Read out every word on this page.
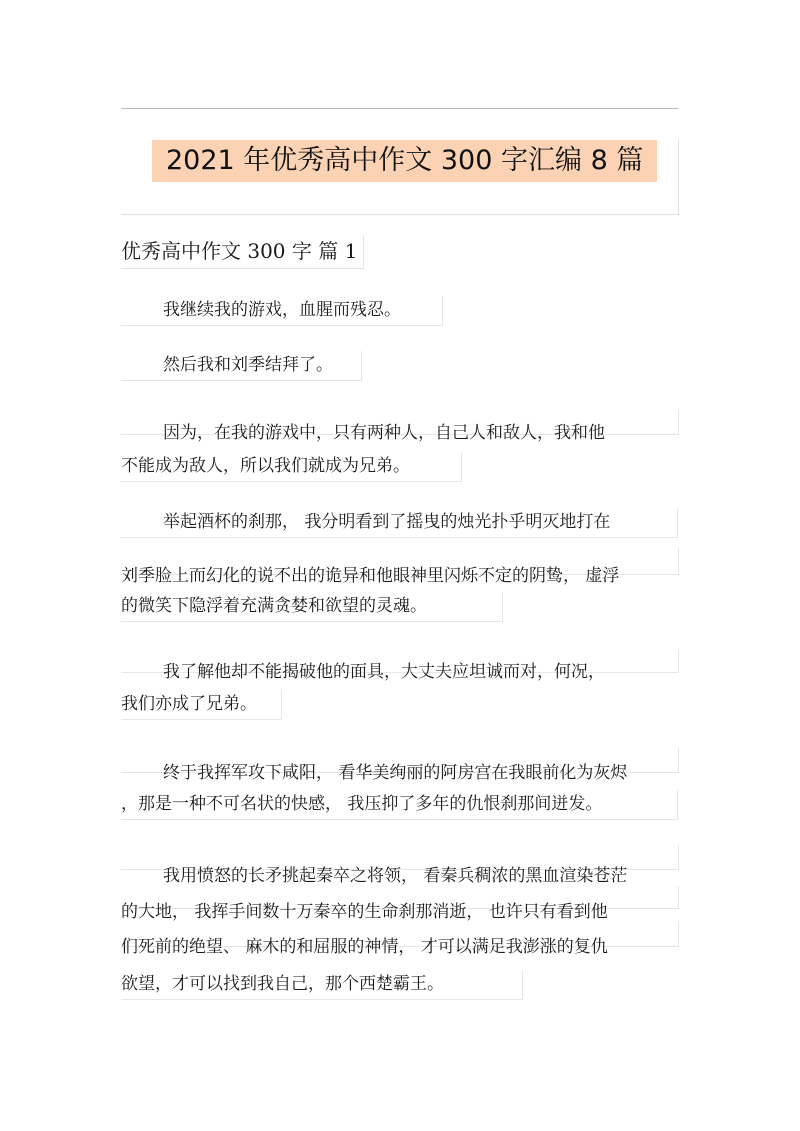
2021 年优秀高中作文 300 字汇编 8 篇
优秀高中作文 300 字 篇 1
我继续我的游戏，血腥而残忍。
然后我和刘季结拜了。
因为，在我的游戏中，只有两种人，自己人和敌人，我和他
不能成为敌人，所以我们就成为兄弟。
举起酒杯的刹那， 我分明看到了摇曳的烛光扑乎明灭地打在
刘季脸上而幻化的说不出的诡异和他眼神里闪烁不定的阴鸷， 虚浮
的微笑下隐浮着充满贪婪和欲望的灵魂。
我了解他却不能揭破他的面具，大丈夫应坦诚而对，何况，
我们亦成了兄弟。
终于我挥军攻下咸阳， 看华美绚丽的阿房宫在我眼前化为灰烬
，那是一种不可名状的快感， 我压抑了多年的仇恨刹那间迸发。
我用愤怒的长矛挑起秦卒之将领， 看秦兵稠浓的黑血渲染苍茫
的大地， 我挥手间数十万秦卒的生命刹那消逝， 也许只有看到他
们死前的绝望、 麻木的和屈服的神情， 才可以满足我澎涨的复仇
欲望，才可以找到我自己，那个西楚霸王。
